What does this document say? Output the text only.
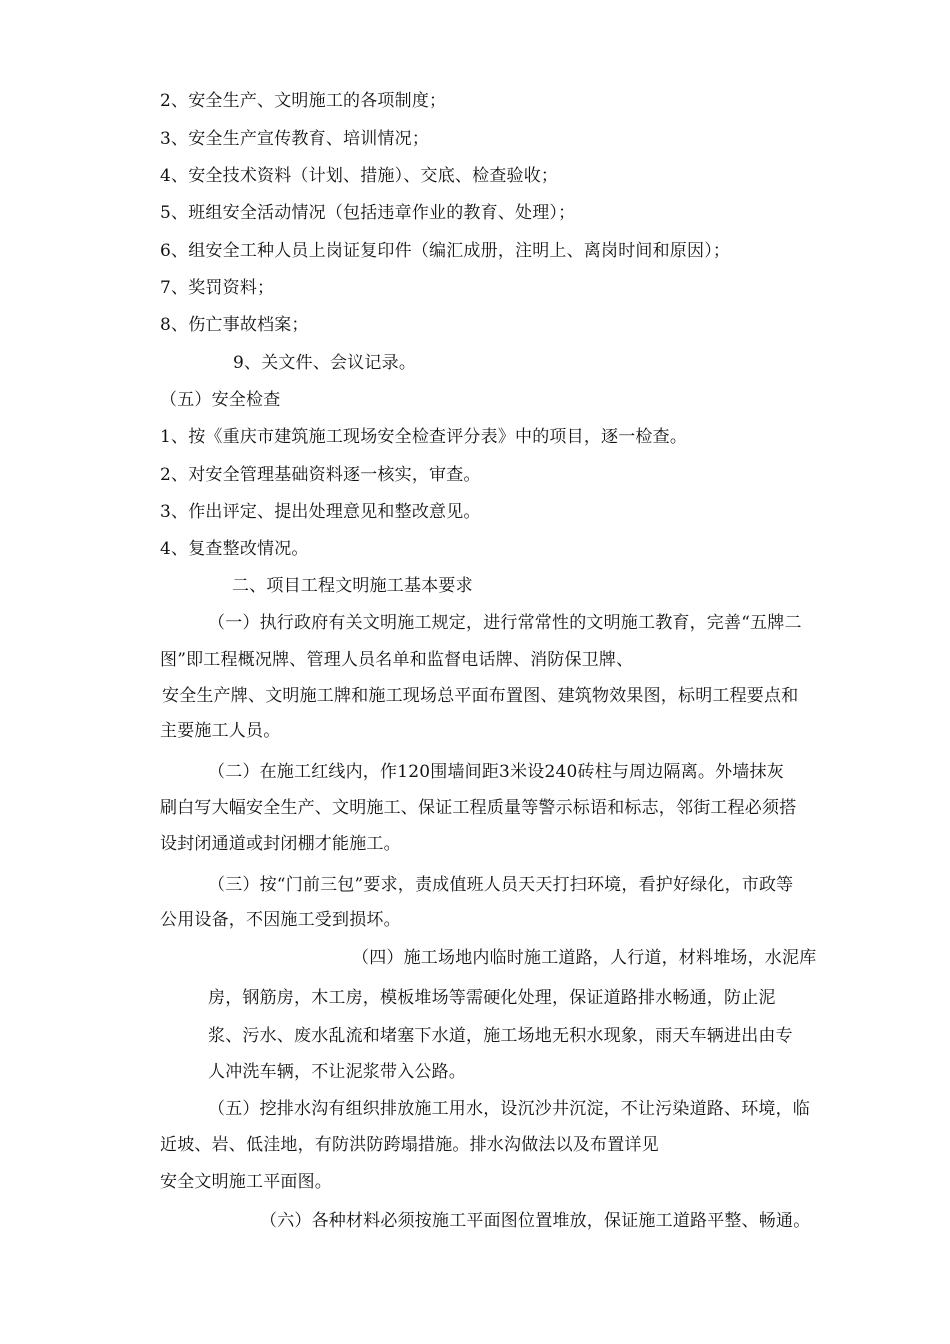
2、安全生产、文明施工的各项制度；
3、安全生产宣传教育、培训情况；
4、安全技术资料（计划、措施）、交底、检查验收；
5、班组安全活动情况（包括违章作业的教育、处理）；
6、组安全工种人员上岗证复印件（编汇成册，注明上、离岗时间和原因）；
7、奖罚资料；
8、伤亡事故档案；
9、关文件、会议记录。
（五）安全检查
1、按《重庆市建筑施工现场安全检查评分表》中的项目，逐一检查。
2、对安全管理基础资料逐一核实，审查。
3、作出评定、提出处理意见和整改意见。
4、复查整改情况。
二、项目工程文明施工基本要求
（一）执行政府有关文明施工规定，进行常常性的文明施工教育，完善“五牌二
图”即工程概况牌、管理人员名单和监督电话牌、消防保卫牌、
安全生产牌、文明施工牌和施工现场总平面布置图、建筑物效果图，标明工程要点和
主要施工人员。
（二）在施工红线内，作120围墙间距3米设240砖柱与周边隔离。外墙抹灰
刷白写大幅安全生产、文明施工、保证工程质量等警示标语和标志，邻街工程必须搭
设封闭通道或封闭棚才能施工。
（三）按“门前三包”要求，责成值班人员天天打扫环境，看护好绿化，市政等
公用设备，不因施工受到损坏。
（四）施工场地内临时施工道路，人行道，材料堆场，水泥库
房，钢筋房，木工房，模板堆场等需硬化处理，保证道路排水畅通，防止泥
浆、污水、废水乱流和堵塞下水道，施工场地无积水现象，雨天车辆进出由专
人冲洗车辆，不让泥浆带入公路。
（五）挖排水沟有组织排放施工用水，设沉沙井沉淀，不让污染道路、环境，临
近坡、岩、低洼地，有防洪防跨塌措施。排水沟做法以及布置详见
安全文明施工平面图。
（六）各种材料必须按施工平面图位置堆放，保证施工道路平整、畅通。
